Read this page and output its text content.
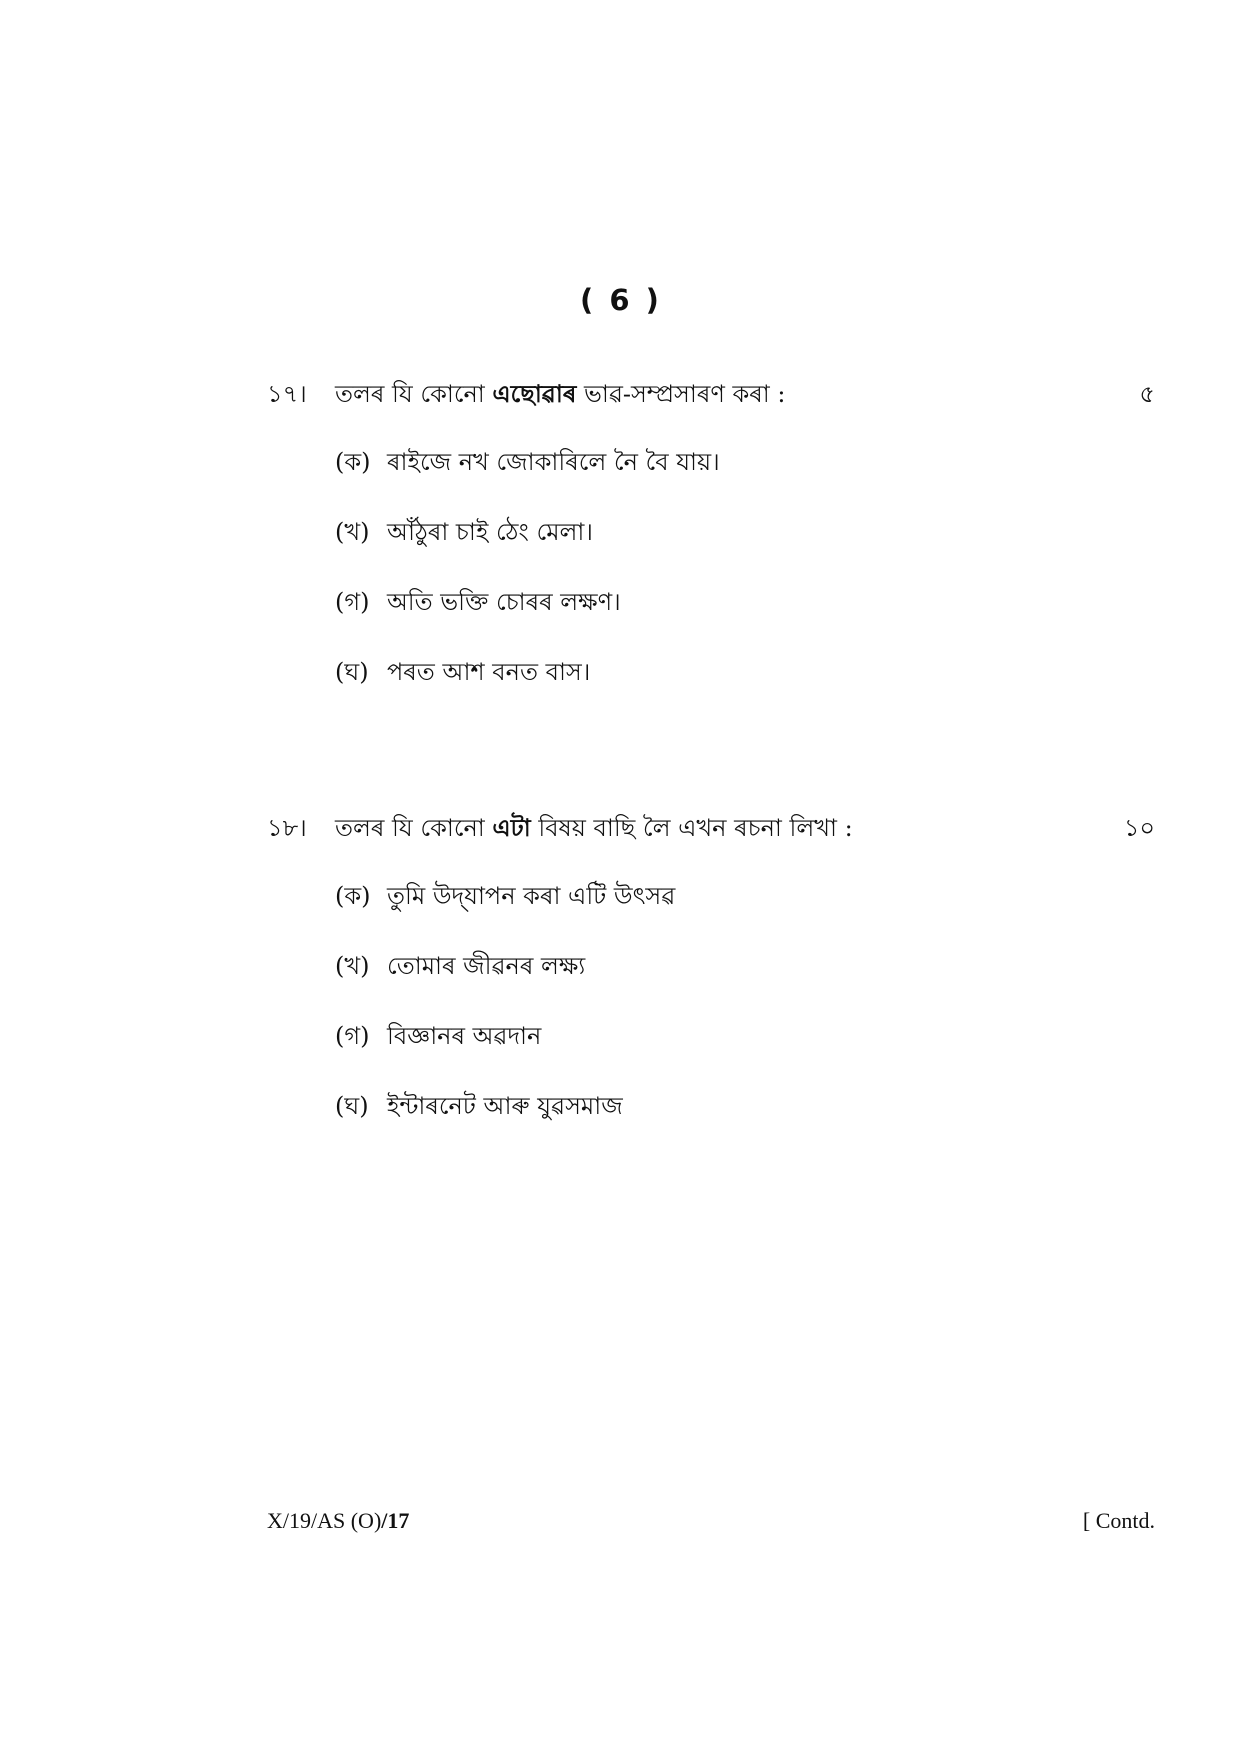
( 6 )
১৭। তলৰ যি কোনো এছোৱাৰ ভাৱ-সম্প্ৰসাৰণ কৰা :	৫
(ক) ৰাইজে নখ জোকাৰিলে নৈ বৈ যায়।
(খ) আঁঠুৰা চাই ঠেং মেলা।
(গ) অতি ভক্তি চোৰৰ লক্ষণ।
(ঘ) পৰত আশ বনত বাস।
১৮। তলৰ যি কোনো এটা বিষয় বাছি লৈ এখন ৰচনা লিখা :	১০
(ক) তুমি উদ্‌যাপন কৰা এটি উৎসৱ
(খ) তোমাৰ জীৱনৰ লক্ষ্য
(গ) বিজ্ঞানৰ অৱদান
(ঘ) ইন্টাৰনেট আৰু যুৱসমাজ
X/19/AS (O)/17	[ Contd.
